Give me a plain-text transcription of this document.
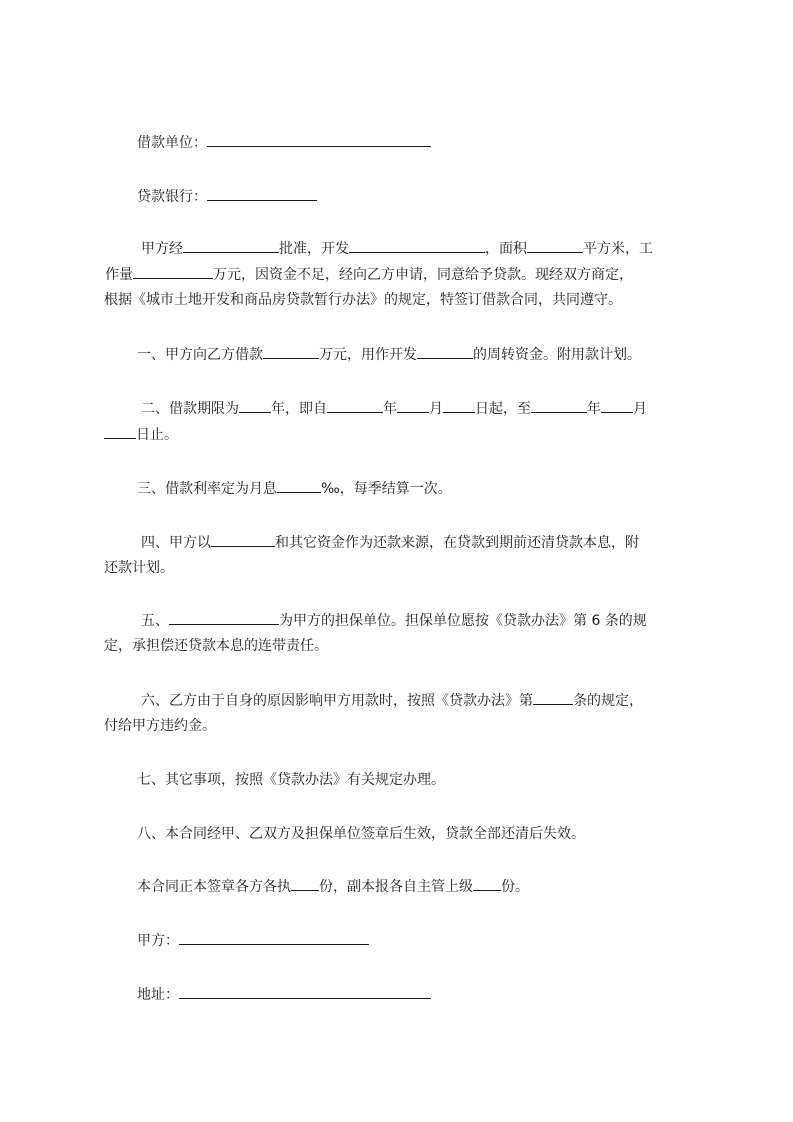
借款单位：
贷款银行：
甲方经	批准，开发	，面积	平方米，工
作量	万元，因资金不足，经向乙方申请，同意给予贷款。现经双方商定，
根据《城市土地开发和商品房贷款暂行办法》的规定，特签订借款合同，共同遵守。
一、甲方向乙方借款	万元，用作开发	的周转资金。附用款计划。
二、借款期限为 年，即自	年 月 日起，至	年 月
日止。
三、借款利率定为月息	‰，每季结算一次。
四、甲方以	和其它资金作为还款来源，在贷款到期前还清贷款本息，附
还款计划。
五、	为甲方的担保单位。担保单位愿按《贷款办法》第 6 条的规
定，承担偿还贷款本息的连带责任。
六、乙方由于自身的原因影响甲方用款时，按照《贷款办法》第	条的规定，
付给甲方违约金。
七、其它事项，按照《贷款办法》有关规定办理。
八、本合同经甲、乙双方及担保单位签章后生效，贷款全部还清后失效。
本合同正本签章各方各执 份，副本报各自主管上级 份。
甲方：
地址：
